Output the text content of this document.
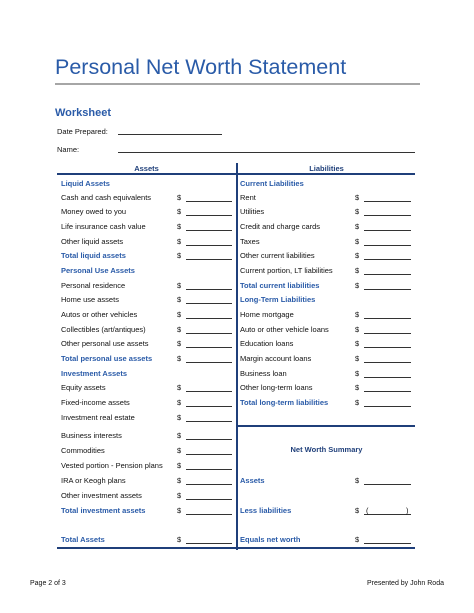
Personal Net Worth Statement
Worksheet
Date Prepared:
Name:
Assets	Liabilities
Net Worth Summary
Liquid Assets
Cash and cash equivalents	$
Money owed to you	$
Life insurance cash value	$
Other liquid assets	$
Total liquid assets	$
Personal Use Assets
Personal residence	$
Home use assets	$
Autos or other vehicles	$
Collectibles (art/antiques)	$
Other personal use assets	$
Total personal use assets	$
Investment Assets
Equity assets	$
Fixed-income assets	$
Investment real estate	$
Business interests	$
Commodities	$
Vested portion - Pension plans $
IRA or Keogh plans	$
Other investment assets	$
Total investment assets	$
Total Assets	$
Current Liabilities
Rent	$
Utilities	$
Credit and charge cards	$
Taxes	$
Other current liabilities	$
Current portion, LT liabilities	$
Total current liabilities	$
Long-Term Liabilities
Home mortgage	$
Auto or other vehicle loans	$
Education loans	$
Margin account loans	$
Business loan	$
Other long-term loans	$
Total long-term liabilities	$
Assets	$
Less liabilities	$ (	)
Equals net worth	$
Page 2 of 3	Presented by John Roda
